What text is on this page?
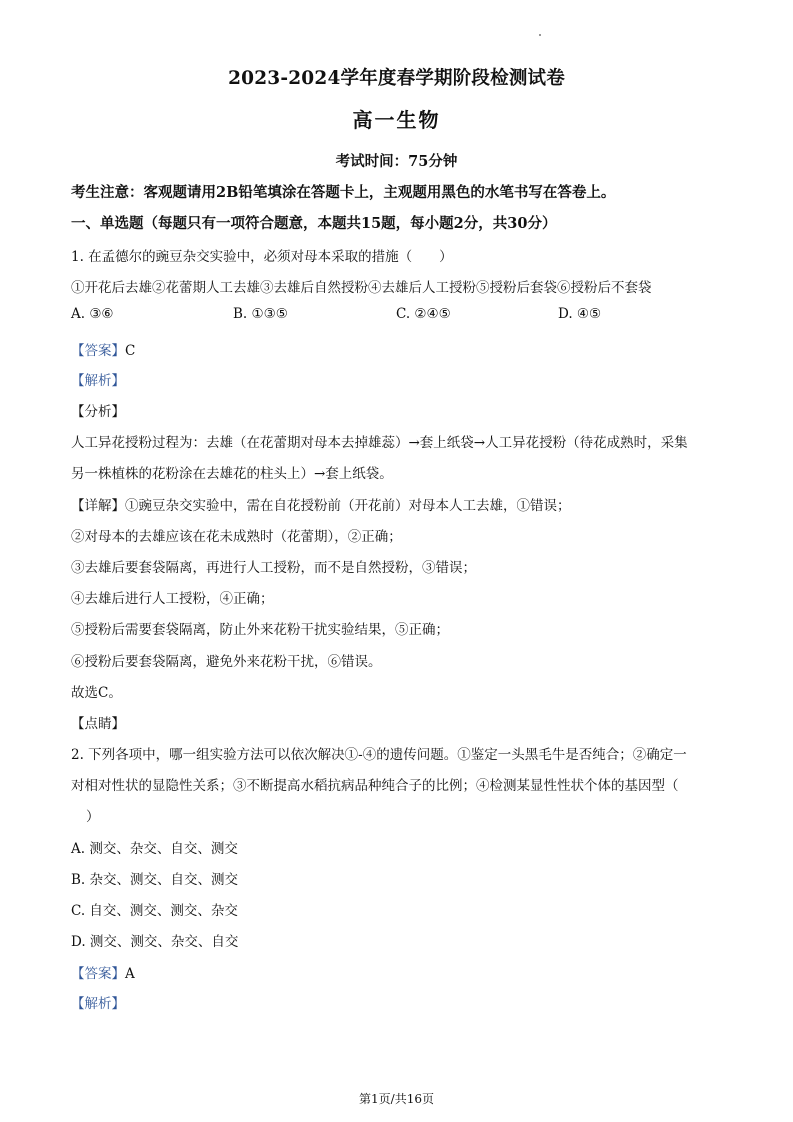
2023-2024学年度春学期阶段检测试卷
高一生物
考试时间：75分钟
考生注意：客观题请用2B铅笔填涂在答题卡上，主观题用黑色的水笔书写在答卷上。
一、单选题（每题只有一项符合题意，本题共15题，每小题2分，共30分）
1. 在孟德尔的豌豆杂交实验中，必须对母本采取的措施（　　）
①开花后去雄②花蕾期人工去雄③去雄后自然授粉④去雄后人工授粉⑤授粉后套袋⑥授粉后不套袋
A. ③⑥	B. ①③⑤	C. ②④⑤	D. ④⑤
【答案】C
【解析】
【分析】
人工异花授粉过程为：去雄（在花蕾期对母本去掉雄蕊）→套上纸袋→人工异花授粉（待花成熟时，采集
另一株植株的花粉涂在去雄花的柱头上）→套上纸袋。
【详解】①豌豆杂交实验中，需在自花授粉前（开花前）对母本人工去雄，①错误；
②对母本的去雄应该在花未成熟时（花蕾期），②正确；
③去雄后要套袋隔离，再进行人工授粉，而不是自然授粉，③错误；
④去雄后进行人工授粉，④正确；
⑤授粉后需要套袋隔离，防止外来花粉干扰实验结果，⑤正确；
⑥授粉后要套袋隔离，避免外来花粉干扰，⑥错误。
故选C。
【点睛】
2. 下列各项中，哪一组实验方法可以依次解决①-④的遗传问题。①鉴定一头黑毛牛是否纯合；②确定一
对相对性状的显隐性关系；③不断提高水稻抗病品种纯合子的比例；④检测某显性性状个体的基因型（
）
A. 测交、杂交、自交、测交
B. 杂交、测交、自交、测交
C. 自交、测交、测交、杂交
D. 测交、测交、杂交、自交
【答案】A
【解析】
第1页/共16页
